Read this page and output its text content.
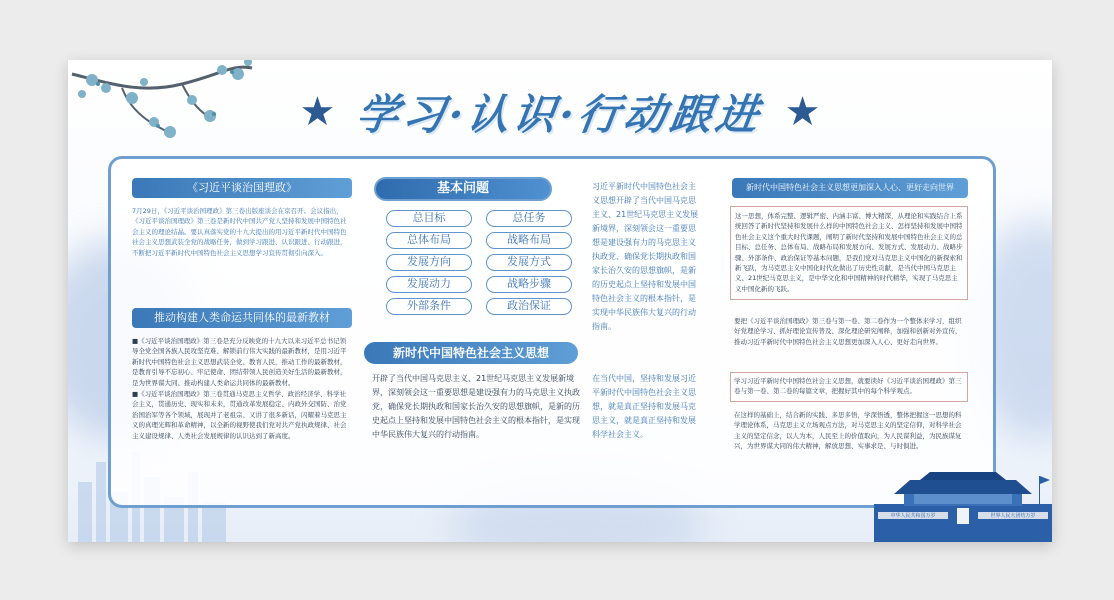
★ 学习·认识·行动跟进 ★
《习近平谈治国理政》

7月29日，《习近平谈治国理政》第三卷出版座谈会在京召开。会议指出，《习近平谈治国理政》第三卷是新时代中国共产党人坚持和发展中国特色社会主义的理论结晶。要认真落实党的十九大提出的用习近平新时代中国特色社会主义思想武装全党的战略任务，做到学习跟进、认识跟进、行动跟进，不断把习近平新时代中国特色社会主义思想学习宣传贯彻引向深入。

推动构建人类命运共同体的最新教材

■《习近平谈治国理政》第三卷是充分反映党的十九大以来习近平总书记领导全党全国各族人民攻坚克难、解锁前行伟大实践的最新教材，是用习近平新时代中国特色社会主义思想武装全党、教育人民，推动工作的最新教材，是教育引导不忘初心、牢记使命、团结带领人民创造美好生活的最新教材，是为世界谋大同、推动构建人类命运共同体的最新教材。

■《习近平谈治国理政》第三卷贯通马克思主义哲学、政治经济学、科学社会主义，贯通历史、现实和未来，贯通改革发展稳定、内政外交国防、治党治国治军等各个领域，展现并了老祖宗、又讲了很多新话，闪耀着马克思主义的真理光辉和革命精神，以全新的视野使我们党对共产党执政规律、社会主义建设规律、人类社会发展规律的认识达到了新高度。

基本问题
新时代中国特色社会主义思想

开辟了当代中国马克思主义、21世纪马克思主义发展新境界，深刻领会这一重要思想是建设强有力的马克思主义执政党，确保党长期执政和国家长治久安的思想旗帜，是新的历史起点上坚持和发展中国特色社会主义的根本指针，是实现中华民族伟大复兴的行动指南。

习近平新时代中国特色社会主义思想开辟了当代中国马克思主义、21世纪马克思主义发展新境界，深刻领会这一重要思想是建设强有力的马克思主义执政党、确保党长期执政和国家长治久安的思想旗帜，是新的历史起点上坚持和发展中国特色社会主义的根本指针，是实现中华民族伟大复兴的行动指南。

在当代中国，坚持和发展习近平新时代中国特色社会主义思想，就是真正坚持和发展马克思主义，就是真正坚持和发展科学社会主义。

新时代中国特色社会主义思想更加深入人心、更好走向世界

这一思想，体系完整、逻辑严密、内涵丰富、博大精深，从理论和实践结合上系统回答了新时代坚持和发展什么样的中国特色社会主义、怎样坚持和发展中国特色社会主义这个重大时代课题，阐明了新时代坚持和发展中国特色社会主义的总目标、总任务、总体布局、战略布局和发展方向、发展方式、发展动力、战略步骤、外部条件、政治保证等基本问题，是我们党对马克思主义中国化的新探索和新飞跃，为马克思主义中国化时代化做出了历史性贡献，是当代中国马克思主义、21世纪马克思主义，是中华文化和中国精神的时代精华，实现了马克思主义中国化新的飞跃。

要把《习近平谈治国理政》第三卷与第一卷、第二卷作为一个整体来学习，组织好党理论学习、抓好理论宣传普及、深化理论研究阐释，加强和创新对外宣传，推动习近平新时代中国特色社会主义思想更加深入人心、更好走向世界。

学习习近平新时代中国特色社会主义思想，就要读好《习近平谈治国理政》第三卷与第一卷、第二卷的每篇文章，把握好其中的每个科学观点。

在这样的基础上，结合新的实践、多思多悟，学深悟透，整体把握这一思想的科学理论体系，马克思主义立场观点方法，对马克思主义的坚定信仰，对科学社会主义的坚定信念，以人为本，人民至上的价值取向，为人民谋利益，为民族谋复兴，为世界谋大同的伟大精神，解放思想、实事求是、与时俱进。

中华人民共和国万岁	世界人民大团结万岁
总目标	总任务
总体布局	战略布局
发展方向	发展方式
发展动力	战略步骤
外部条件	政治保证
